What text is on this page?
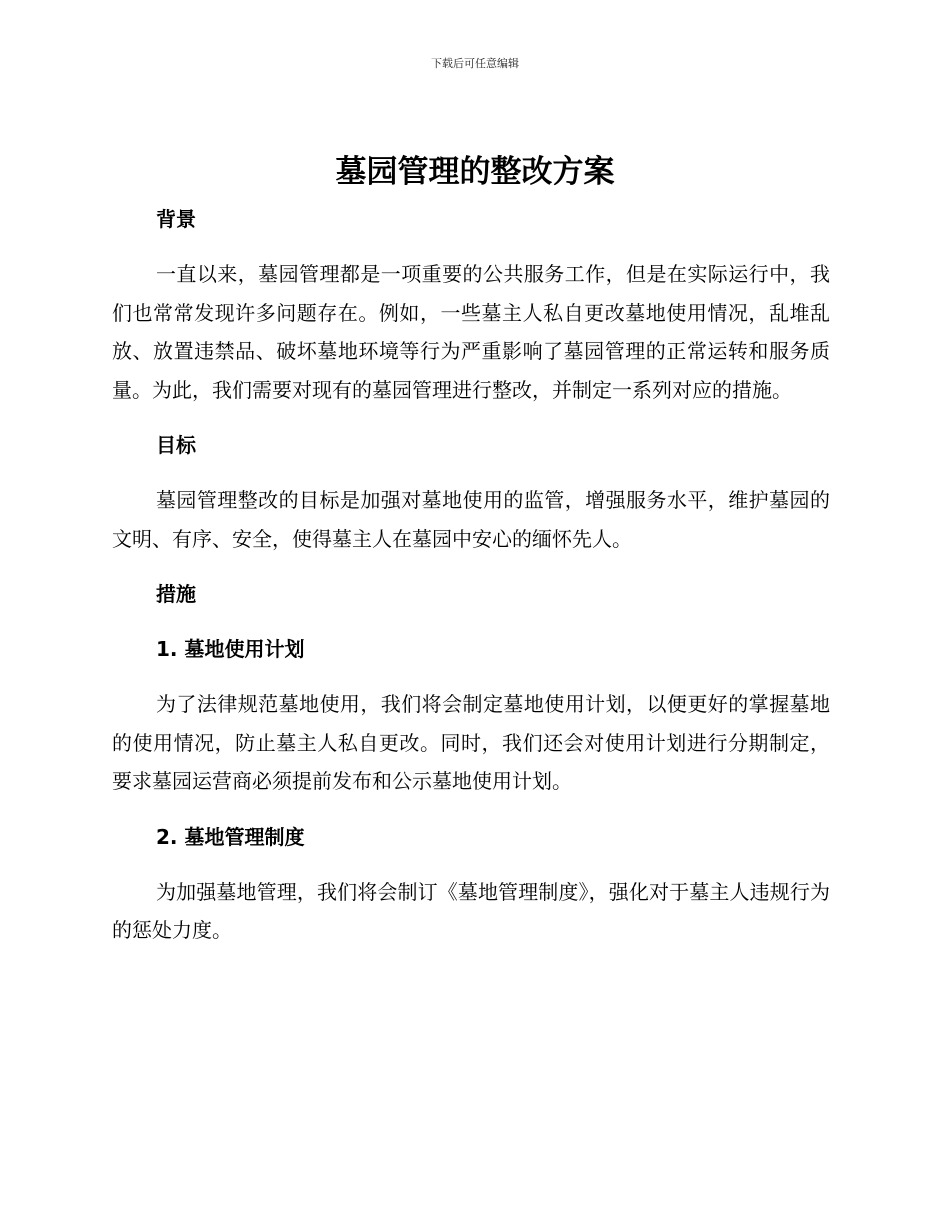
下载后可任意编辑
墓园管理的整改方案
背景

一直以来，墓园管理都是一项重要的公共服务工作，但是在实际运行中，我们也常常发现许多问题存在。例如，一些墓主人私自更改墓地使用情况，乱堆乱放、放置违禁品、破坏墓地环境等行为严重影响了墓园管理的正常运转和服务质量。为此，我们需要对现有的墓园管理进行整改，并制定一系列对应的措施。

目标

墓园管理整改的目标是加强对墓地使用的监管，增强服务水平，维护墓园的文明、有序、安全，使得墓主人在墓园中安心的缅怀先人。

措施
1. 墓地使用计划

为了法律规范墓地使用，我们将会制定墓地使用计划，以便更好的掌握墓地的使用情况，防止墓主人私自更改。同时，我们还会对使用计划进行分期制定，要求墓园运营商必须提前发布和公示墓地使用计划。

2. 墓地管理制度

为加强墓地管理，我们将会制订《墓地管理制度》，强化对于墓主人违规行为的惩处力度。
